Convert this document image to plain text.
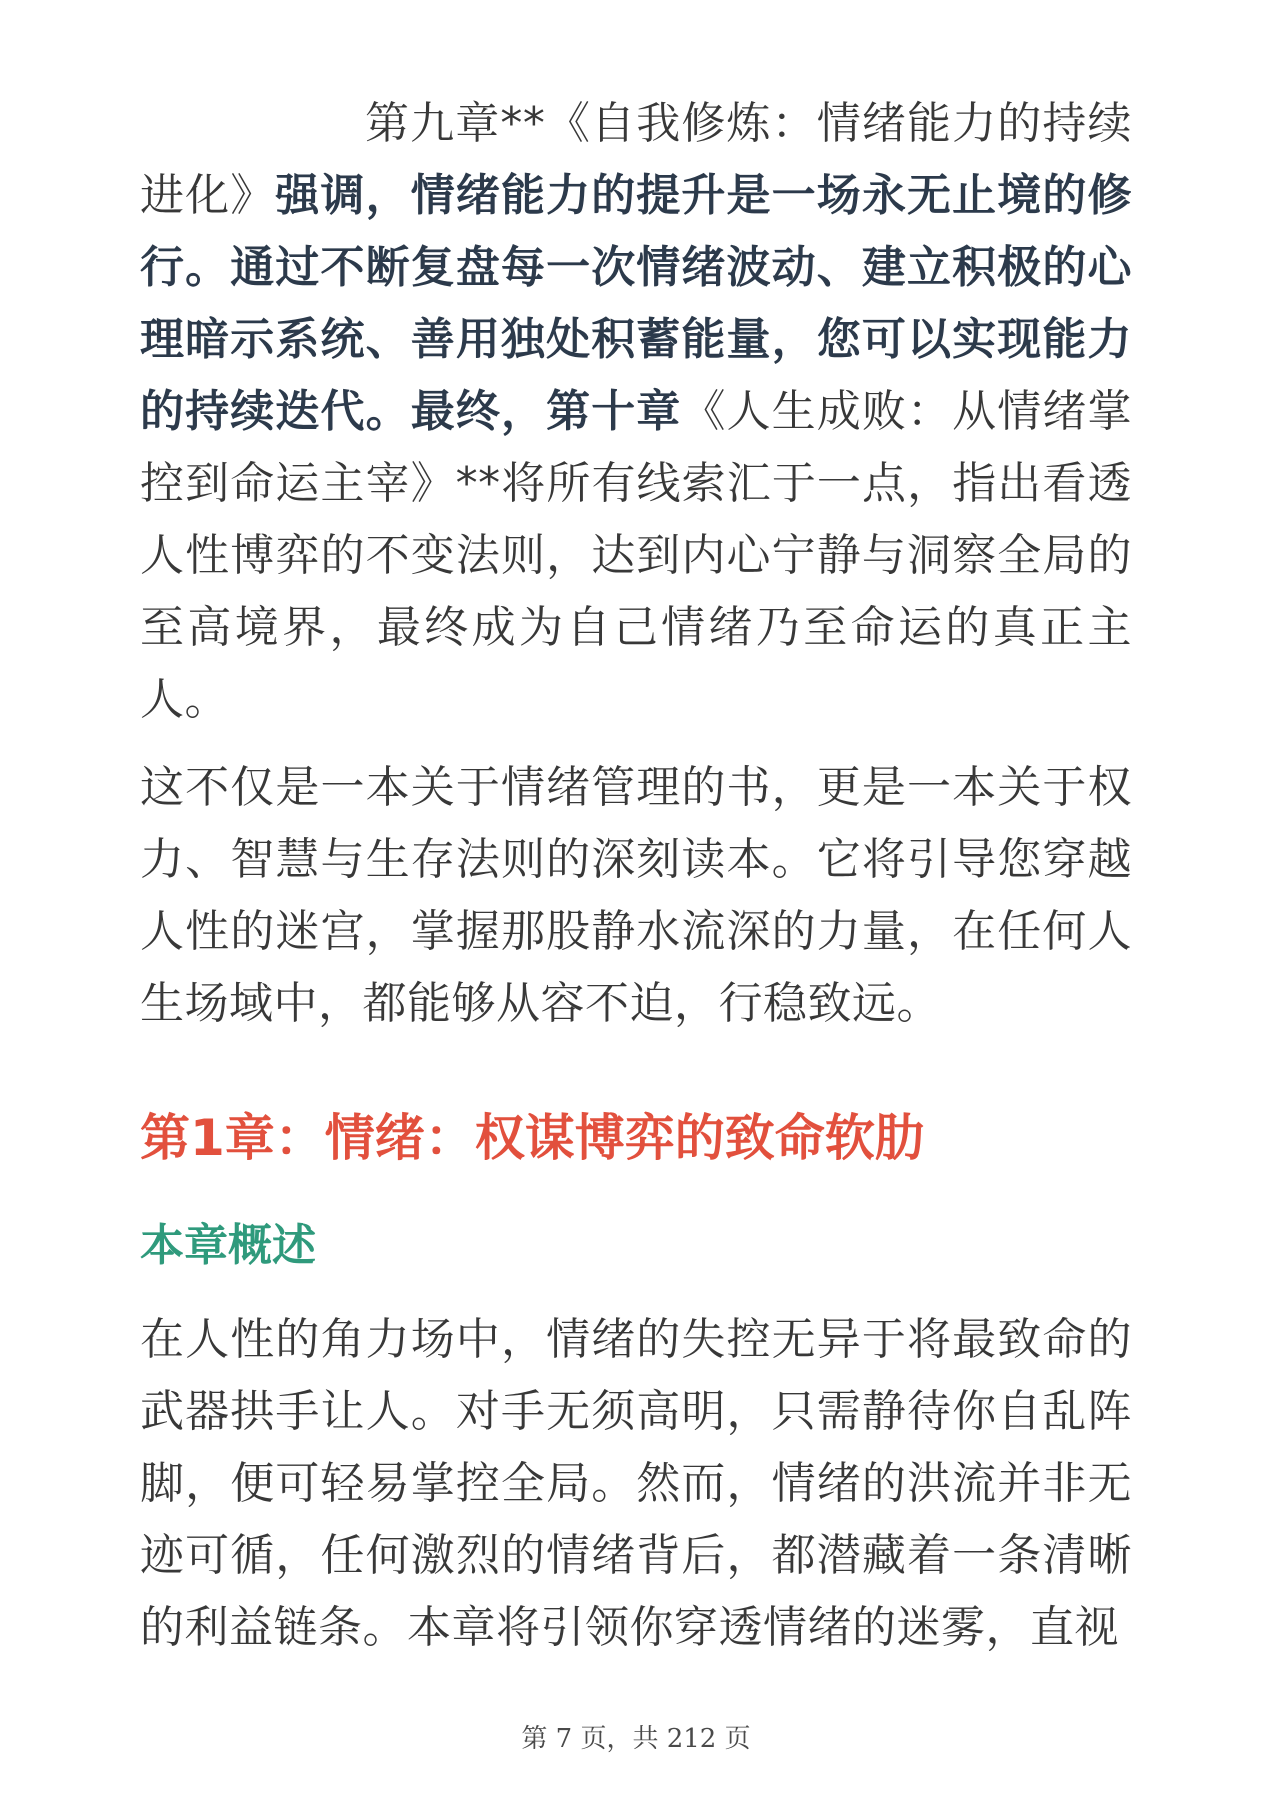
第九章**《自我修炼：情绪能力的持续进化》强调，情绪能力的提升是一场永无止境的修行。通过不断复盘每一次情绪波动、建立积极的心理暗示系统、善用独处积蓄能量，您可以实现能力的持续迭代。最终，第十章《人生成败：从情绪掌控到命运主宰》**将所有线索汇于一点，指出看透人性博弈的不变法则，达到内心宁静与洞察全局的至高境界，最终成为自己情绪乃至命运的真正主人。

这不仅是一本关于情绪管理的书，更是一本关于权力、智慧与生存法则的深刻读本。它将引导您穿越人性的迷宫，掌握那股静水流深的力量，在任何人生场域中，都能够从容不迫，行稳致远。

第1章：情绪：权谋博弈的致命软肋
本章概述

在人性的角力场中，情绪的失控无异于将最致命的武器拱手让人。对手无须高明，只需静待你自乱阵脚，便可轻易掌控全局。然而，情绪的洪流并非无迹可循，任何激烈的情绪背后，都潜藏着一条清晰的利益链条。本章将引领你穿透情绪的迷雾，直视

第 7 页，共 212 页
